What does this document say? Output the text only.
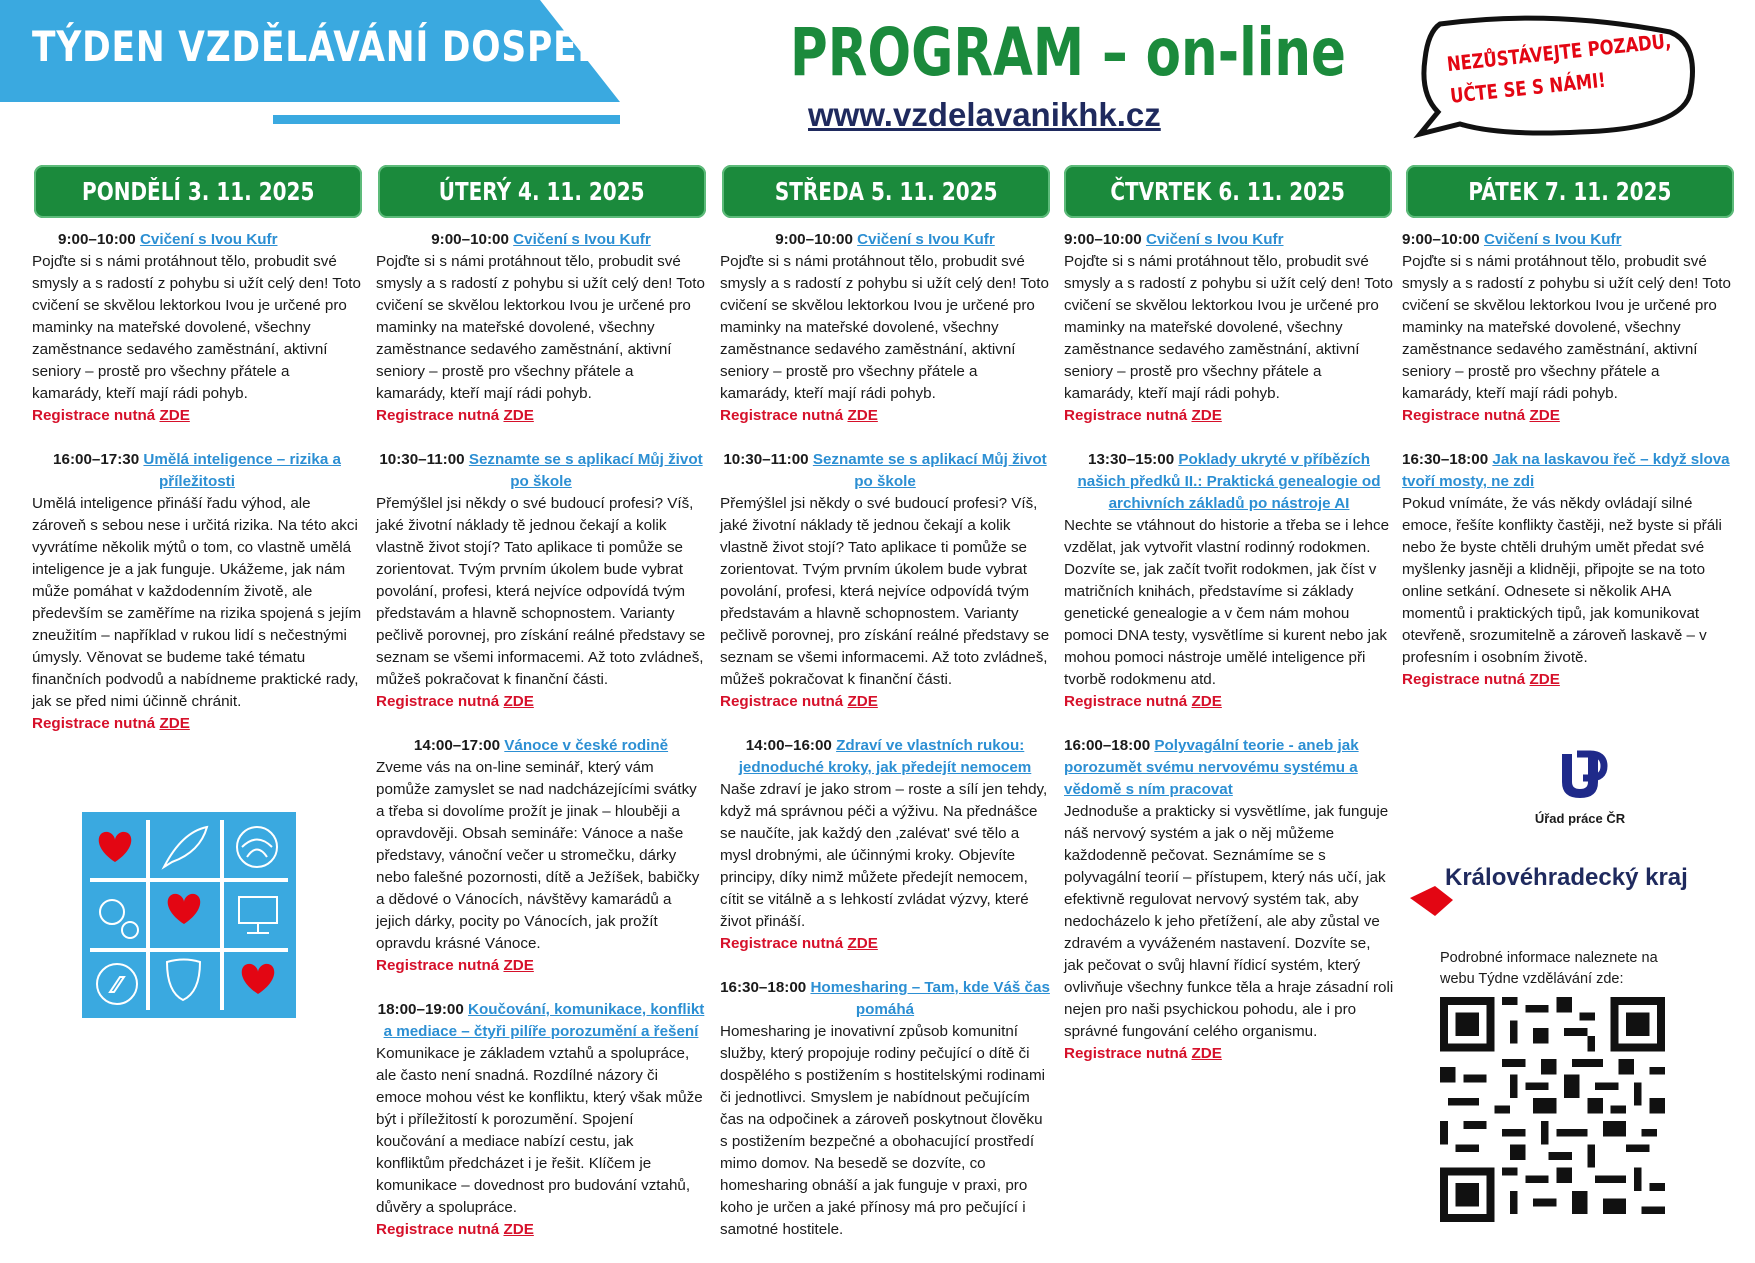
TÝDEN VZDĚLÁVÁNÍ DOSPĚLÝCH PROGRAM – on-line
www.vzdelavanikhk.cz
NEZŮSTÁVEJTE POZADU,
UČTE SE S NÁMI!
PONDĚLÍ 3. 11. 2025	ÚTERÝ 4. 11. 2025	STŘEDA 5. 11. 2025	ČTVRTEK 6. 11. 2025	PÁTEK 7. 11. 2025
9:00–10:00 Cvičení s Ivou Kufr

Pojďte si s námi protáhnout tělo, probudit své smysly a s radostí z pohybu si užít celý den! Toto cvičení se skvělou lektorkou Ivou je určené pro maminky na mateřské dovolené, všechny zaměstnance sedavého zaměstnání, aktivní seniory – prostě pro všechny přátele a kamarády, kteří mají rádi pohyb.

Registrace nutná ZDE
16:00–17:30 Umělá inteligence – rizika a příležitosti

Umělá inteligence přináší řadu výhod, ale zároveň s sebou nese i určitá rizika. Na této akci vyvrátíme několik mýtů o tom, co vlastně umělá inteligence je a jak funguje. Ukážeme, jak nám může pomáhat v každodenním životě, ale především se zaměříme na rizika spojená s jejím zneužitím – například v rukou lidí s nečestnými úmysly. Věnovat se budeme také tématu finančních podvodů a nabídneme praktické rady, jak se před nimi účinně chránit.

Registrace nutná ZDE
9:00–10:00 Cvičení s Ivou Kufr

Pojďte si s námi protáhnout tělo, probudit své smysly a s radostí z pohybu si užít celý den! Toto cvičení se skvělou lektorkou Ivou je určené pro maminky na mateřské dovolené, všechny zaměstnance sedavého zaměstnání, aktivní seniory – prostě pro všechny přátele a kamarády, kteří mají rádi pohyb.

Registrace nutná ZDE
10:30–11:00 Seznamte se s aplikací Můj život po škole

Přemýšlel jsi někdy o své budoucí profesi? Víš, jaké životní náklady tě jednou čekají a kolik vlastně život stojí? Tato aplikace ti pomůže se zorientovat. Tvým prvním úkolem bude vybrat povolání, profesi, která nejvíce odpovídá tvým představám a hlavně schopnostem. Varianty pečlivě porovnej, pro získání reálné představy se seznam se všemi informacemi. Až toto zvládneš, můžeš pokračovat k finanční části.

Registrace nutná ZDE
14:00–17:00 Vánoce v české rodině

Zveme vás na on-line seminář, který vám pomůže zamyslet se nad nadcházejícími svátky a třeba si dovolíme prožít je jinak – hlouběji a opravdověji. Obsah semináře: Vánoce a naše představy, vánoční večer u stromečku, dárky nebo falešné pozornosti, dítě a Ježíšek, babičky a dědové o Vánocích, návštěvy kamarádů a jejich dárky, pocity po Vánocích, jak prožít opravdu krásné Vánoce.

Registrace nutná ZDE
18:00–19:00 Koučování, komunikace, konflikt a mediace – čtyři pilíře porozumění a řešení

Komunikace je základem vztahů a spolupráce, ale často není snadná. Rozdílné názory či emoce mohou vést ke konfliktu, který však může být i příležitostí k porozumění. Spojení koučování a mediace nabízí cestu, jak konfliktům předcházet i je řešit. Klíčem je komunikace – dovednost pro budování vztahů, důvěry a spolupráce.

Registrace nutná ZDE
9:00–10:00 Cvičení s Ivou Kufr

Pojďte si s námi protáhnout tělo, probudit své smysly a s radostí z pohybu si užít celý den! Toto cvičení se skvělou lektorkou Ivou je určené pro maminky na mateřské dovolené, všechny zaměstnance sedavého zaměstnání, aktivní seniory – prostě pro všechny přátele a kamarády, kteří mají rádi pohyb.

Registrace nutná ZDE
10:30–11:00 Seznamte se s aplikací Můj život po škole

Přemýšlel jsi někdy o své budoucí profesi? Víš, jaké životní náklady tě jednou čekají a kolik vlastně život stojí? Tato aplikace ti pomůže se zorientovat. Tvým prvním úkolem bude vybrat povolání, profesi, která nejvíce odpovídá tvým představám a hlavně schopnostem. Varianty pečlivě porovnej, pro získání reálné představy se seznam se všemi informacemi. Až toto zvládneš, můžeš pokračovat k finanční části.

Registrace nutná ZDE
14:00–16:00 Zdraví ve vlastních rukou: jednoduché kroky, jak předejít nemocem

Naše zdraví je jako strom – roste a sílí jen tehdy, když má správnou péči a výživu. Na přednášce se naučíte, jak každý den ‚zalévat' své tělo a mysl drobnými, ale účinnými kroky. Objevíte principy, díky nimž můžete předejít nemocem, cítit se vitálně a s lehkostí zvládat výzvy, které život přináší.

Registrace nutná ZDE
16:30–18:00 Homesharing – Tam, kde Váš čas pomáhá

Homesharing je inovativní způsob komunitní služby, který propojuje rodiny pečující o dítě či dospělého s postižením s hostitelskými rodinami či jednotlivci. Smyslem je nabídnout pečujícím čas na odpočinek a zároveň poskytnout člověku s postižením bezpečné a obohacující prostředí mimo domov. Na besedě se dozvíte, co homesharing obnáší a jak funguje v praxi, pro koho je určen a jaké přínosy má pro pečující i samotné hostitele.

9:00–10:00 Cvičení s Ivou Kufr

Pojďte si s námi protáhnout tělo, probudit své smysly a s radostí z pohybu si užít celý den! Toto cvičení se skvělou lektorkou Ivou je určené pro maminky na mateřské dovolené, všechny zaměstnance sedavého zaměstnání, aktivní seniory – prostě pro všechny přátele a kamarády, kteří mají rádi pohyb.

Registrace nutná ZDE
13:30–15:00 Poklady ukryté v příbězích našich předků II.: Praktická genealogie od archivních základů po nástroje AI

Nechte se vtáhnout do historie a třeba se i lehce vzdělat, jak vytvořit vlastní rodinný rodokmen. Dozvíte se, jak začít tvořit rodokmen, jak číst v matričních knihách, představíme si základy genetické genealogie a v čem nám mohou pomoci DNA testy, vysvětlíme si kurent nebo jak mohou pomoci nástroje umělé inteligence při tvorbě rodokmenu atd.

Registrace nutná ZDE
16:00–18:00 Polyvagální teorie - aneb jak porozumět svému nervovému systému a vědomě s ním pracovat

Jednoduše a prakticky si vysvětlíme, jak funguje náš nervový systém a jak o něj můžeme každodenně pečovat. Seznámíme se s polyvagální teorií – přístupem, který nás učí, jak efektivně regulovat nervový systém tak, aby nedocházelo k jeho přetížení, ale aby zůstal ve zdravém a vyváženém nastavení. Dozvíte se, jak pečovat o svůj hlavní řídicí systém, který ovlivňuje všechny funkce těla a hraje zásadní roli nejen pro naši psychickou pohodu, ale i pro správné fungování celého organismu.

Registrace nutná ZDE
9:00–10:00 Cvičení s Ivou Kufr

Pojďte si s námi protáhnout tělo, probudit své smysly a s radostí z pohybu si užít celý den! Toto cvičení se skvělou lektorkou Ivou je určené pro maminky na mateřské dovolené, všechny zaměstnance sedavého zaměstnání, aktivní seniory – prostě pro všechny přátele a kamarády, kteří mají rádi pohyb.

Registrace nutná ZDE
16:30–18:00 Jak na laskavou řeč – když slova tvoří mosty, ne zdi

Pokud vnímáte, že vás někdy ovládají silné emoce, řešíte konflikty častěji, než byste si přáli nebo že byste chtěli druhým umět předat své myšlenky jasněji a klidněji, připojte se na toto online setkání. Odnesete si několik AHA momentů i praktických tipů, jak komunikovat otevřeně, srozumitelně a zároveň laskavě – v profesním i osobním životě.

Registrace nutná ZDE
Úřad práce ČR
Královéhradecký kraj
Podrobné informace naleznete na webu Týdne vzdělávání zde:
